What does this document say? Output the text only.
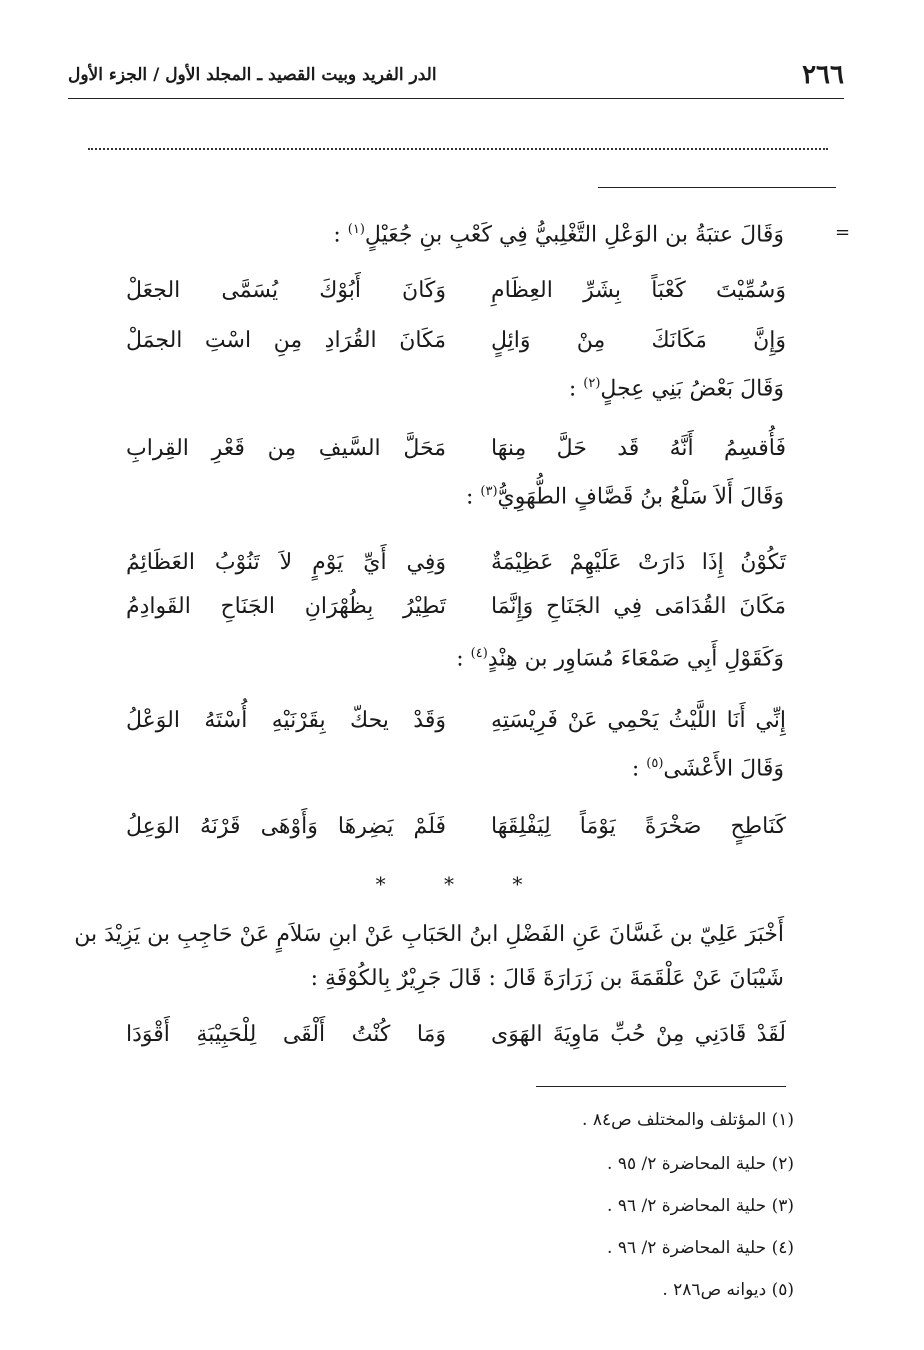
٢٦٦
الدر الفريد وبيت القصيد ـ المجلد الأول / الجزء الأول
=
وَقَالَ عتبَةُ بن الوَعْلِ التَّغْلِبيُّ فِي كَعْبِ بنِ جُعَيْلٍ$^{(١)}$ :
وَسُمِّيْتَ كَعْبَاً بِشَرِّ العِظَامِ
وَكَانَ أَبُوْكَ يُسَمَّى الجعَلْ
وَإِنَّ مَكَانَكَ مِنْ وَائِلٍ
مَكَانَ القُرَادِ مِنِ اسْتِ الجمَلْ
وَقَالَ بَعْضُ بَنِي عِجلٍ$^{(٢)}$ :
فَأُقسِمُ أَنَّهُ قَد حَلَّ مِنهَا
مَحَلَّ السَّيفِ مِن قَعْرِ القِرابِ
وَقَالَ أَلاَ سَلْعُ بنُ قَصَّافٍ الطُّهَوِيُّ$^{(٣)}$ :
تَكُوْنُ إِذَا دَارَتْ عَلَيْهِمْ عَظِيْمَةٌ
وَفِي أَيِّ يَوْمٍ لاَ تَنُوْبُ العَظَائِمُ
مَكَانَ القُدَامَى فِي الجَنَاحِ وَإِنَّمَا
تَطِيْرُ بِظُهْرَانِ الجَنَاحِ القَوادِمُ
وَكَقَوْلِ أَبِي صَمْعَاءَ مُسَاوِر بن هِنْدٍ$^{(٤)}$ :
إِنِّي أَنَا اللَّيْثُ يَحْمِي عَنْ فَرِيْسَتِهِ
وَقَدْ يحكّ بِقَرْنَيْهِ أُسْتَهُ الوَعْلُ
وَقَالَ الأَعْشَى$^{(٥)}$ :
كَنَاطِحٍ صَخْرَةً يَوْمَاً لِيَفْلِقَهَا
فَلَمْ يَضِرهَا وَأَوْهَى قَرْنَهُ الوَعِلُ
* * *
أَخْبَرَ عَلِيّ بن غَسَّانَ عَنِ الفَضْلِ ابنُ الحَبَابِ عَنْ ابنِ سَلاَمٍ عَنْ حَاجِبِ بن يَزِيْدَ بن
شَيْبَانَ عَنْ عَلْقَمَةَ بن زَرَارَةَ قَالَ : قَالَ جَرِيْرٌ بِالكُوْفَةِ :
لَقَدْ قَادَنِي مِنْ حُبِّ مَاوِيَةَ الهَوَى
وَمَا كُنْتُ أَلْقَى لِلْحَبِيْبَةِ أَقْوَدَا
(١) المؤتلف والمختلف ص٨٤ .
(٢) حلية المحاضرة ٢/ ٩٥ .
(٣) حلية المحاضرة ٢/ ٩٦ .
(٤) حلية المحاضرة ٢/ ٩٦ .
(٥) ديوانه ص٢٨٦ .
